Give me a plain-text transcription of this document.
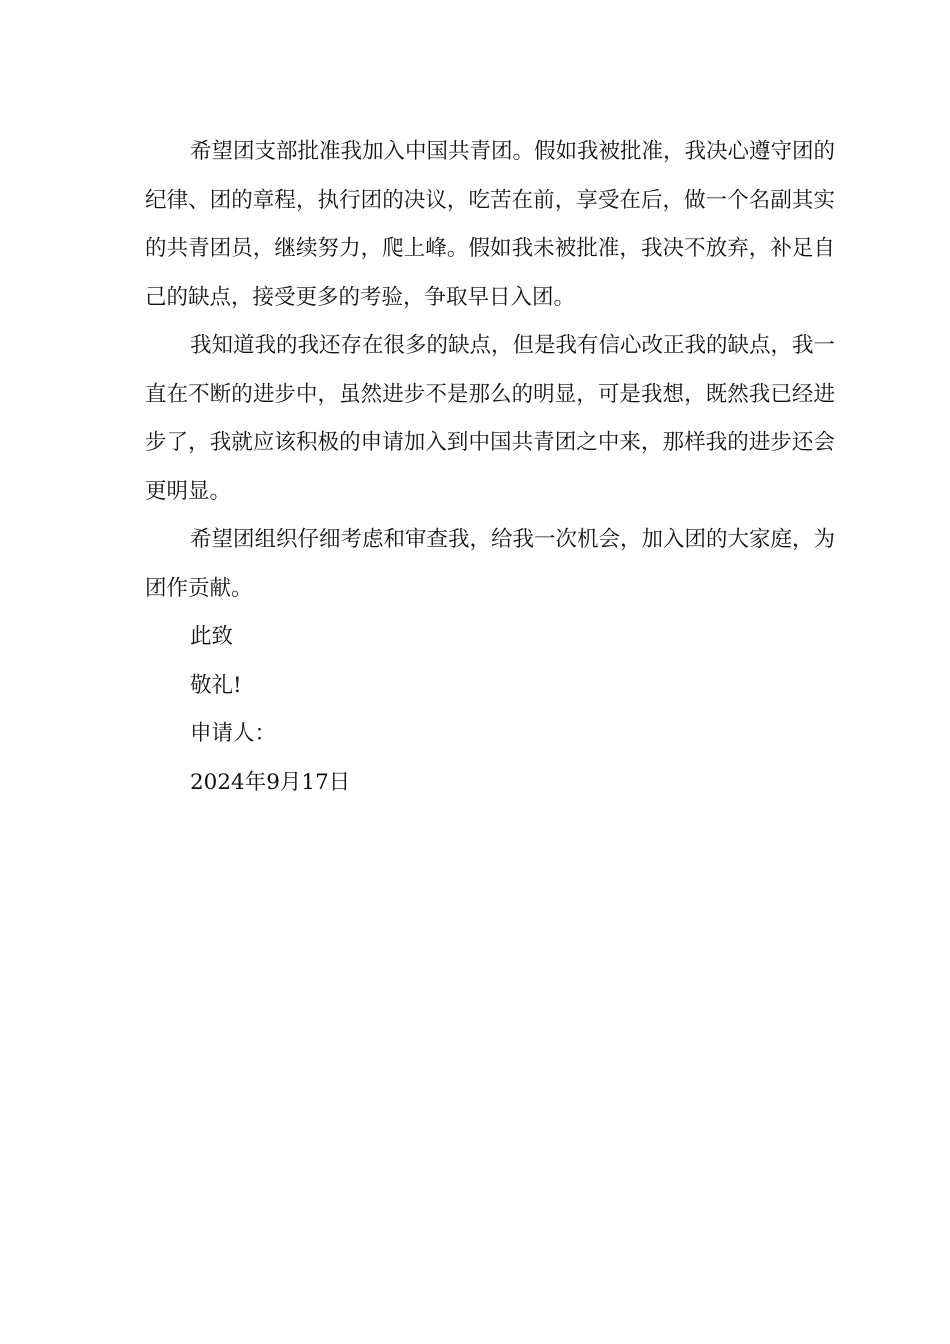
希望团支部批准我加入中国共青团。假如我被批准，我决心遵守团的纪律、团的章程，执行团的决议，吃苦在前，享受在后，做一个名副其实的共青团员，继续努力，爬上峰。假如我未被批准，我决不放弃，补足自己的缺点，接受更多的考验，争取早日入团。

我知道我的我还存在很多的缺点，但是我有信心改正我的缺点，我一直在不断的进步中，虽然进步不是那么的明显，可是我想，既然我已经进步了，我就应该积极的申请加入到中国共青团之中来，那样我的进步还会更明显。

希望团组织仔细考虑和审查我，给我一次机会，加入团的大家庭，为团作贡献。

此致

敬礼!

申请人：

2024年9月17日
